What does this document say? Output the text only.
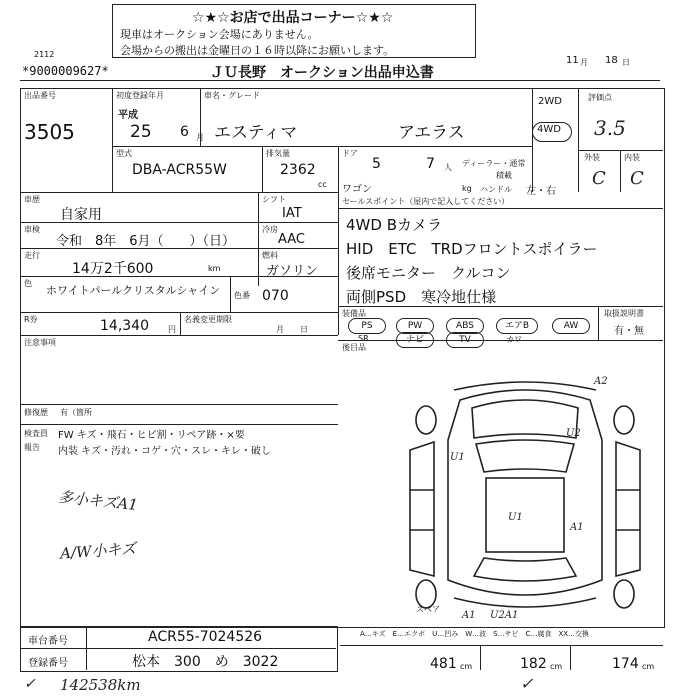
☆★☆お店で出品コーナー☆★☆
現車はオークション会場にありません。
会場からの搬出は金曜日の１６時以降にお願いします。
2112
*9000009627*	ＪＵ長野　オークション出品申込書
11 月 18 日
出品番号
3505
初度登録年月
平成
25 6 月
車名・グレード
エスティマ	アエラス
2WD
4WD
評価点
3.5
外装	内装
C C
型式
DBA-ACR55W
排気量
2362
cc
ドア
5	7 人
ワゴン
ディーラー・通常
kg ハンドル 左・右
積載
車歴
自家用
車検
令和　8年　6月（　　）（日）
走行
14万2千600	km
色
ホワイトパールクリスタルシャイン	色番 070
R券	14,340 円
名義変更期限
月　　日
シフト
IAT
冷房
AAC
燃料
ガソリン
セールスポイント（屋内で記入してください）
4WD Bカメラ
HID　ETC　TRDフロントスポイラー
後席モニター　クルコン
両側PSD　寒冷地仕様
装備品
PS	PW	ABS	エアB	AW
SR	ナビ	TV	カワ
取扱説明書
有・無
後目品
注意事項
修復歴 有（箇所
検査員 FW キズ・飛石・ヒビ割・リペア跡・×要
報告 内装 キズ・汚れ・コゲ・穴・スレ・キレ・破し
多小キズA1
A/W小キズ
A2
U2
U1
U1
A1
A1 U2A1
スペア
車台番号	ACR55-7024526
登録番号	松本　300　め　3022
A…キズ　E…エクボ　U…凹み　W…波　S…サビ　C…腐食　XX…交換
481 cm	182 cm	174 cm
✓ 142538km	✓
